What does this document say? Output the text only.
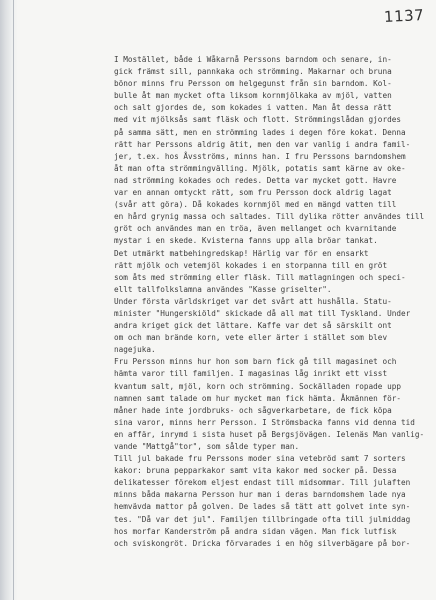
1137
I Mostället, både i Wåkarnå Perssons barndom och senare, in-
gick främst sill, pannkaka och strömming. Makarnar och bruna
bönor minns fru Persson om helgegunst från sin barndom. Kol-
bulle åt man mycket ofta liksom kornmjölkaka av mjöl, vatten
och salt gjordes de, som kokades i vatten. Man åt dessa rätt
med vit mjölksås samt fläsk och flott. Strömmingslådan gjordes
på samma sätt, men en strömming lades i degen före kokat. Denna
rätt har Perssons aldrig ätit, men den var vanlig i andra famil-
jer, t.ex. hos Åvsströms, minns han. I fru Perssons barndomshem
åt man ofta strömmingvälling. Mjölk, potatis samt kärne av oke-
nad strömming kokades och redes. Detta var mycket gott. Havre
var en annan omtyckt rätt, som fru Persson dock aldrig lagat
(svår att göra). Då kokades kornmjöl med en mängd vatten till
en hård grynig massa och saltades. Till dylika rötter användes till
gröt och användes man en tröa, även mellanget och kvarnitande
mystar i en skede. Kvisterna fanns upp alla bröar tankat.
Det utmärkt matbehingredskap! Härlig var för en ensarkt
rätt mjölk och vetemjöl kokades i en storpanna till en gröt
som åts med strömming eller fläsk. Till matlagningen och speci-
ellt tallfolkslamna användes "Kasse griselter".
Under första världskriget var det svårt att hushålla. Statu-
minister "Hungerskiöld" skickade då all mat till Tyskland. Under
andra kriget gick det lättare. Kaffe var det så särskilt ont
om och man brände korn, vete eller ärter i stället som blev
nagejuka.
Fru Persson minns hur hon som barn fick gå till magasinet och
hämta varor till familjen. I magasinas låg inrikt ett visst
kvantum salt, mjöl, korn och strömming. Sockälladen ropade upp
namnen samt talade om hur mycket man fick hämta. Åkmännen för-
måner hade inte jordbruks- och sågverkarbetare, de fick köpa
sina varor, minns herr Persson. I Strömsbacka fanns vid denna tid
en affär, inrymd i sista huset på Bergsjövägen. Ielenäs Man vanlig-
vande "Mattgå"tor", som sålde typer man.
Till jul bakade fru Perssons moder sina vetebröd samt 7 sorters
kakor: bruna pepparkakor samt vita kakor med socker på. Dessa
delikatesser förekom eljest endast till midsommar. Till julaften
minns båda makarna Persson hur man i deras barndomshem lade nya
hemvävda mattor på golven. De lades så tätt att golvet inte syn-
tes. "Då var det jul". Familjen tillbringade ofta till julmiddag
hos morfar Kanderström på andra sidan vägen. Man fick lutfisk
och sviskongröt. Dricka förvarades i en hög silverbägare på bor-
